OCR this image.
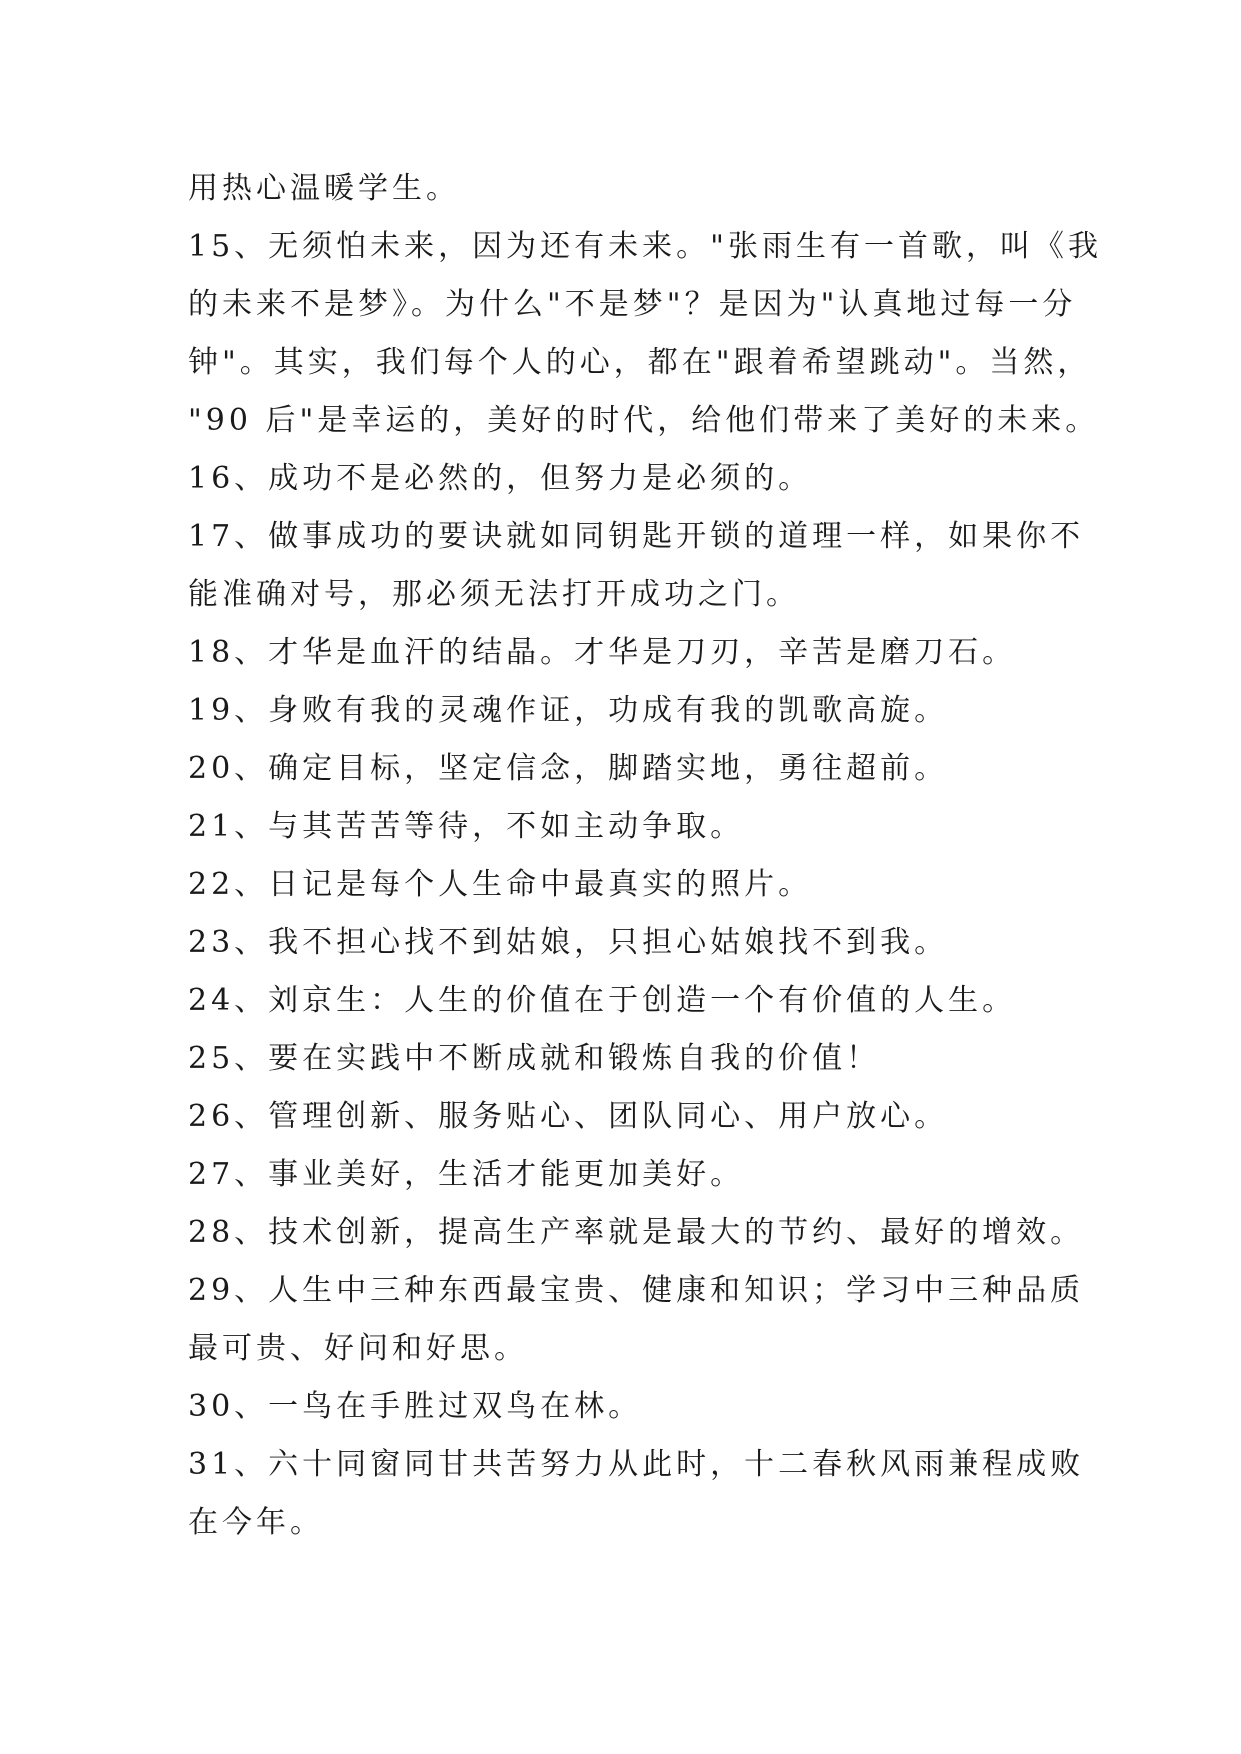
用热心温暖学生。
15、无须怕未来，因为还有未来。"张雨生有一首歌，叫《我
的未来不是梦》。为什么"不是梦"？是因为"认真地过每一分
钟"。其实，我们每个人的心，都在"跟着希望跳动"。当然，
"90 后"是幸运的，美好的时代，给他们带来了美好的未来。
16、成功不是必然的，但努力是必须的。
17、做事成功的要诀就如同钥匙开锁的道理一样，如果你不
能准确对号，那必须无法打开成功之门。
18、才华是血汗的结晶。才华是刀刃，辛苦是磨刀石。
19、身败有我的灵魂作证，功成有我的凯歌高旋。
20、确定目标，坚定信念，脚踏实地，勇往超前。
21、与其苦苦等待，不如主动争取。
22、日记是每个人生命中最真实的照片。
23、我不担心找不到姑娘，只担心姑娘找不到我。
24、刘京生：人生的价值在于创造一个有价值的人生。
25、要在实践中不断成就和锻炼自我的价值！
26、管理创新、服务贴心、团队同心、用户放心。
27、事业美好，生活才能更加美好。
28、技术创新，提高生产率就是最大的节约、最好的增效。
29、人生中三种东西最宝贵、健康和知识；学习中三种品质
最可贵、好问和好思。
30、一鸟在手胜过双鸟在林。
31、六十同窗同甘共苦努力从此时，十二春秋风雨兼程成败
在今年。
